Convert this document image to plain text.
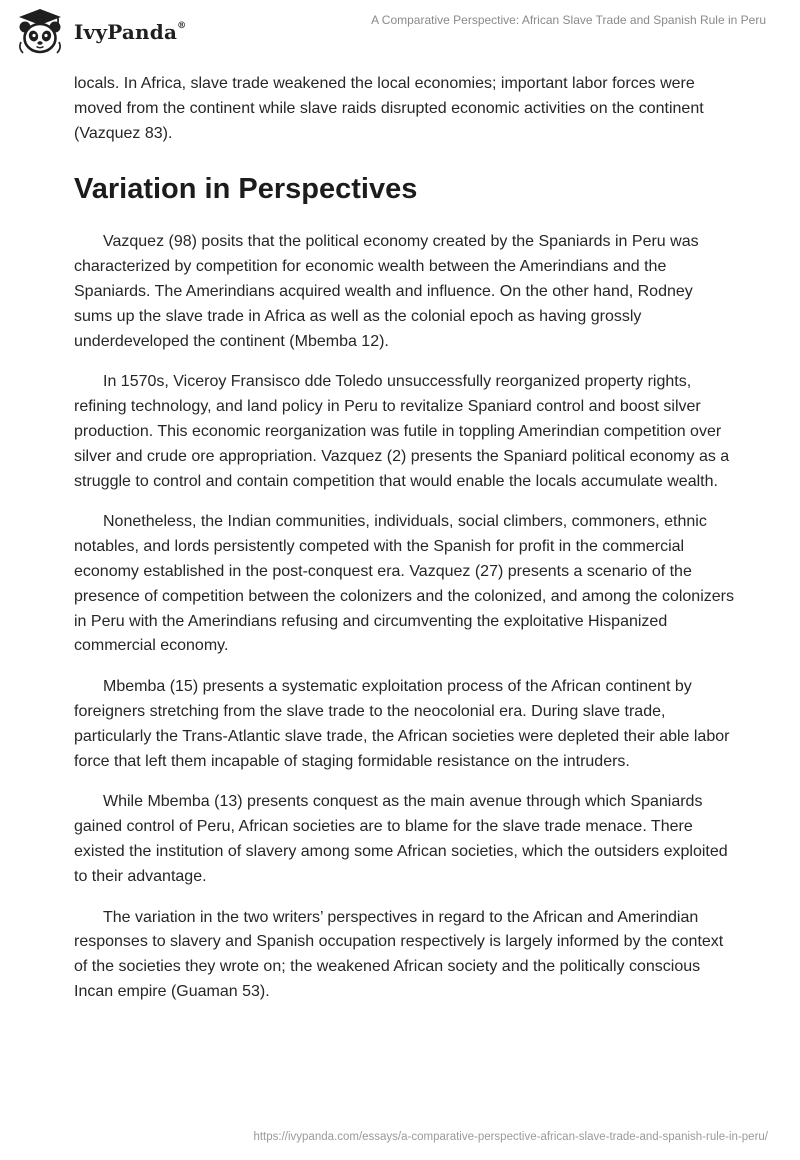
IvyPanda®	A Comparative Perspective: African Slave Trade and Spanish Rule in Peru

locals. In Africa, slave trade weakened the local economies; important labor forces were moved from the continent while slave raids disrupted economic activities on the continent (Vazquez 83).

Variation in Perspectives

Vazquez (98) posits that the political economy created by the Spaniards in Peru was characterized by competition for economic wealth between the Amerindians and the Spaniards. The Amerindians acquired wealth and influence. On the other hand, Rodney sums up the slave trade in Africa as well as the colonial epoch as having grossly underdeveloped the continent (Mbemba 12).

In 1570s, Viceroy Fransisco dde Toledo unsuccessfully reorganized property rights, refining technology, and land policy in Peru to revitalize Spaniard control and boost silver production. This economic reorganization was futile in toppling Amerindian competition over silver and crude ore appropriation. Vazquez (2) presents the Spaniard political economy as a struggle to control and contain competition that would enable the locals accumulate wealth.

Nonetheless, the Indian communities, individuals, social climbers, commoners, ethnic notables, and lords persistently competed with the Spanish for profit in the commercial economy established in the post-conquest era. Vazquez (27) presents a scenario of the presence of competition between the colonizers and the colonized, and among the colonizers in Peru with the Amerindians refusing and circumventing the exploitative Hispanized commercial economy.

Mbemba (15) presents a systematic exploitation process of the African continent by foreigners stretching from the slave trade to the neocolonial era. During slave trade, particularly the Trans-Atlantic slave trade, the African societies were depleted their able labor force that left them incapable of staging formidable resistance on the intruders.

While Mbemba (13) presents conquest as the main avenue through which Spaniards gained control of Peru, African societies are to blame for the slave trade menace. There existed the institution of slavery among some African societies, which the outsiders exploited to their advantage.

The variation in the two writers’ perspectives in regard to the African and Amerindian responses to slavery and Spanish occupation respectively is largely informed by the context of the societies they wrote on; the weakened African society and the politically conscious Incan empire (Guaman 53).

https://ivypanda.com/essays/a-comparative-perspective-african-slave-trade-and-spanish-rule-in-peru/
